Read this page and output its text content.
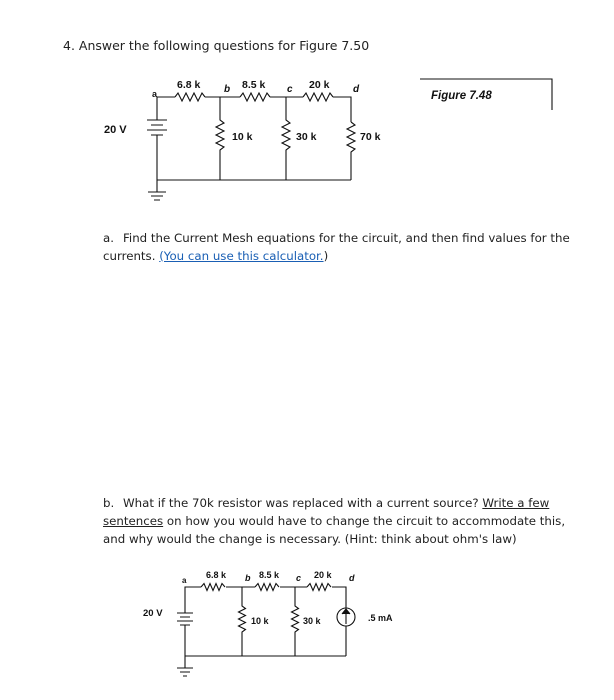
4. Answer the following questions for Figure 7.50
a. Find the Current Mesh equations for the circuit, and then find values for the currents. (You can use this calculator.)
b. What if the 70k resistor was replaced with a current source? Write a few sentences on how you would have to change the circuit to accommodate this, and why would the change is necessary. (Hint: think about ohm's law)
Figure 7.48
20 V
6.8 k	8.5 k	20 k
10 k	30 k	70 k
a	b	c	d
20 V
6.8 k	8.5 k	20 k
10 k	30 k	.5 mA
a	b	c	d
